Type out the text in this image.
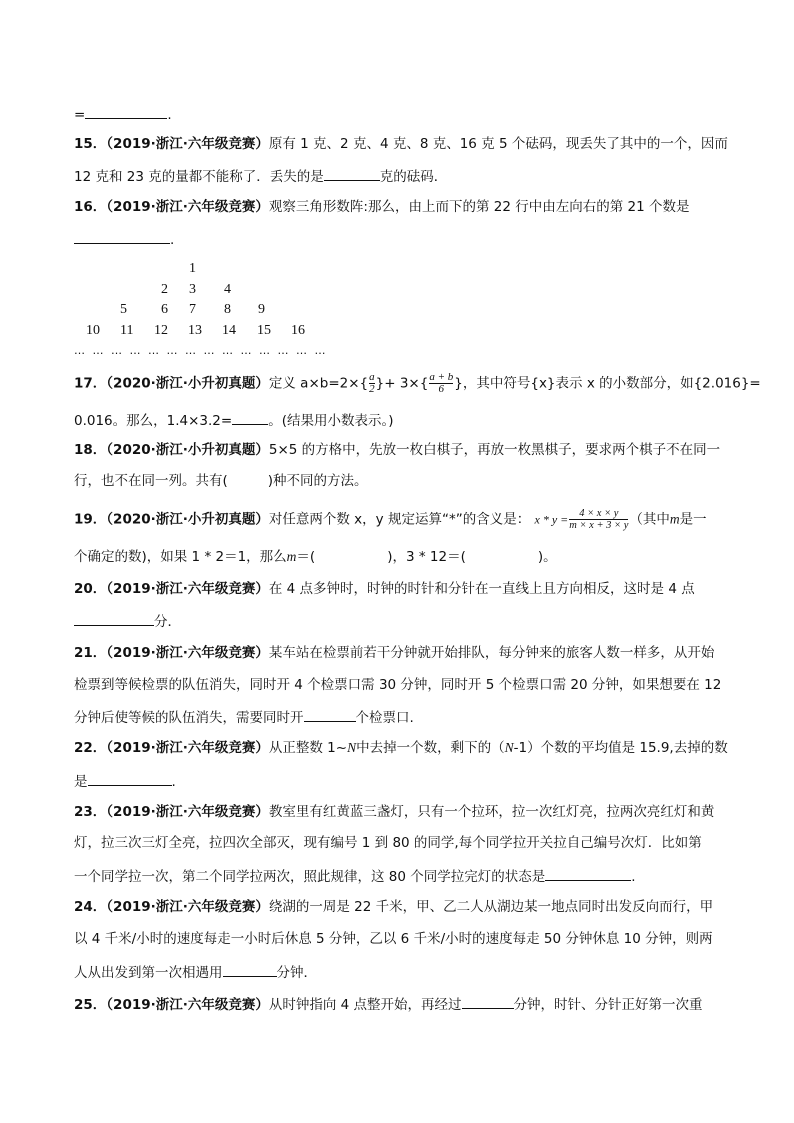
=	.
15．（2019·浙江·六年级竞赛）原有 1 克、2 克、4 克、8 克、16 克 5 个砝码，现丢失了其中的一个，因而
12 克和 23 克的量都不能称了．丢失的是	克的砝码．
16．（2019·浙江·六年级竞赛）观察三角形数阵:那么，由上而下的第 22 行中由左向右的第 21 个数是
.
1
2 3 4
5 6 7 8 9
10 11 12 13 14 15 16
… … … … … … … … … … … … … …
17．（2020·浙江·小升初真题）定义 $a\times b=2\times\{ \frac{a}{2}$ }+ $3\times\{ \frac{a + b}{6}$ }，其中符号{x}表示 x 的小数部分，如{2.016}=
0.016。那么，1.4×3.2=	。(结果用小数表示。)
18．（2020·浙江·小升初真题）5×5 的方格中，先放一枚白棋子，再放一枚黑棋子，要求两个棋子不在同一
行，也不在同一列。共有(	)种不同的方法。
19．（2020·浙江·小升初真题）对任意两个数 x，y 规定运算“*”的含义是： $x * y = \frac{4 \times x \times y}{m \times x + 3 \times y}$ （其中m是一
个确定的数)，如果 1 * 2＝1，那么m＝(	)，3 * 12＝(	)。
20．（2019·浙江·六年级竞赛）在 4 点多钟时，时钟的时针和分针在一直线上且方向相反，这时是 4 点
分．
21．（2019·浙江·六年级竞赛）某车站在检票前若干分钟就开始排队，每分钟来的旅客人数一样多，从开始
检票到等候检票的队伍消失，同时开 4 个检票口需 30 分钟，同时开 5 个检票口需 20 分钟，如果想要在 12
分钟后使等候的队伍消失，需要同时开	个检票口.
22．（2019·浙江·六年级竞赛）从正整数 1~N中去掉一个数，剩下的（N-1）个数的平均值是 15.9,去掉的数
是	.
23．（2019·浙江·六年级竞赛）教室里有红黄蓝三盏灯，只有一个拉环，拉一次红灯亮，拉两次亮红灯和黄
灯，拉三次三灯全亮，拉四次全部灭，现有编号 1 到 80 的同学,每个同学拉开关拉自己编号次灯．比如第
一个同学拉一次，第二个同学拉两次，照此规律，这 80 个同学拉完灯的状态是	.
24．（2019·浙江·六年级竞赛）绕湖的一周是 22 千米，甲、乙二人从湖边某一地点同时出发反向而行，甲
以 4 千米/小时的速度每走一小时后休息 5 分钟，乙以 6 千米/小时的速度每走 50 分钟休息 10 分钟，则两
人从出发到第一次相遇用	分钟．
25．（2019·浙江·六年级竞赛）从时钟指向 4 点整开始，再经过	分钟，时针、分针正好第一次重
